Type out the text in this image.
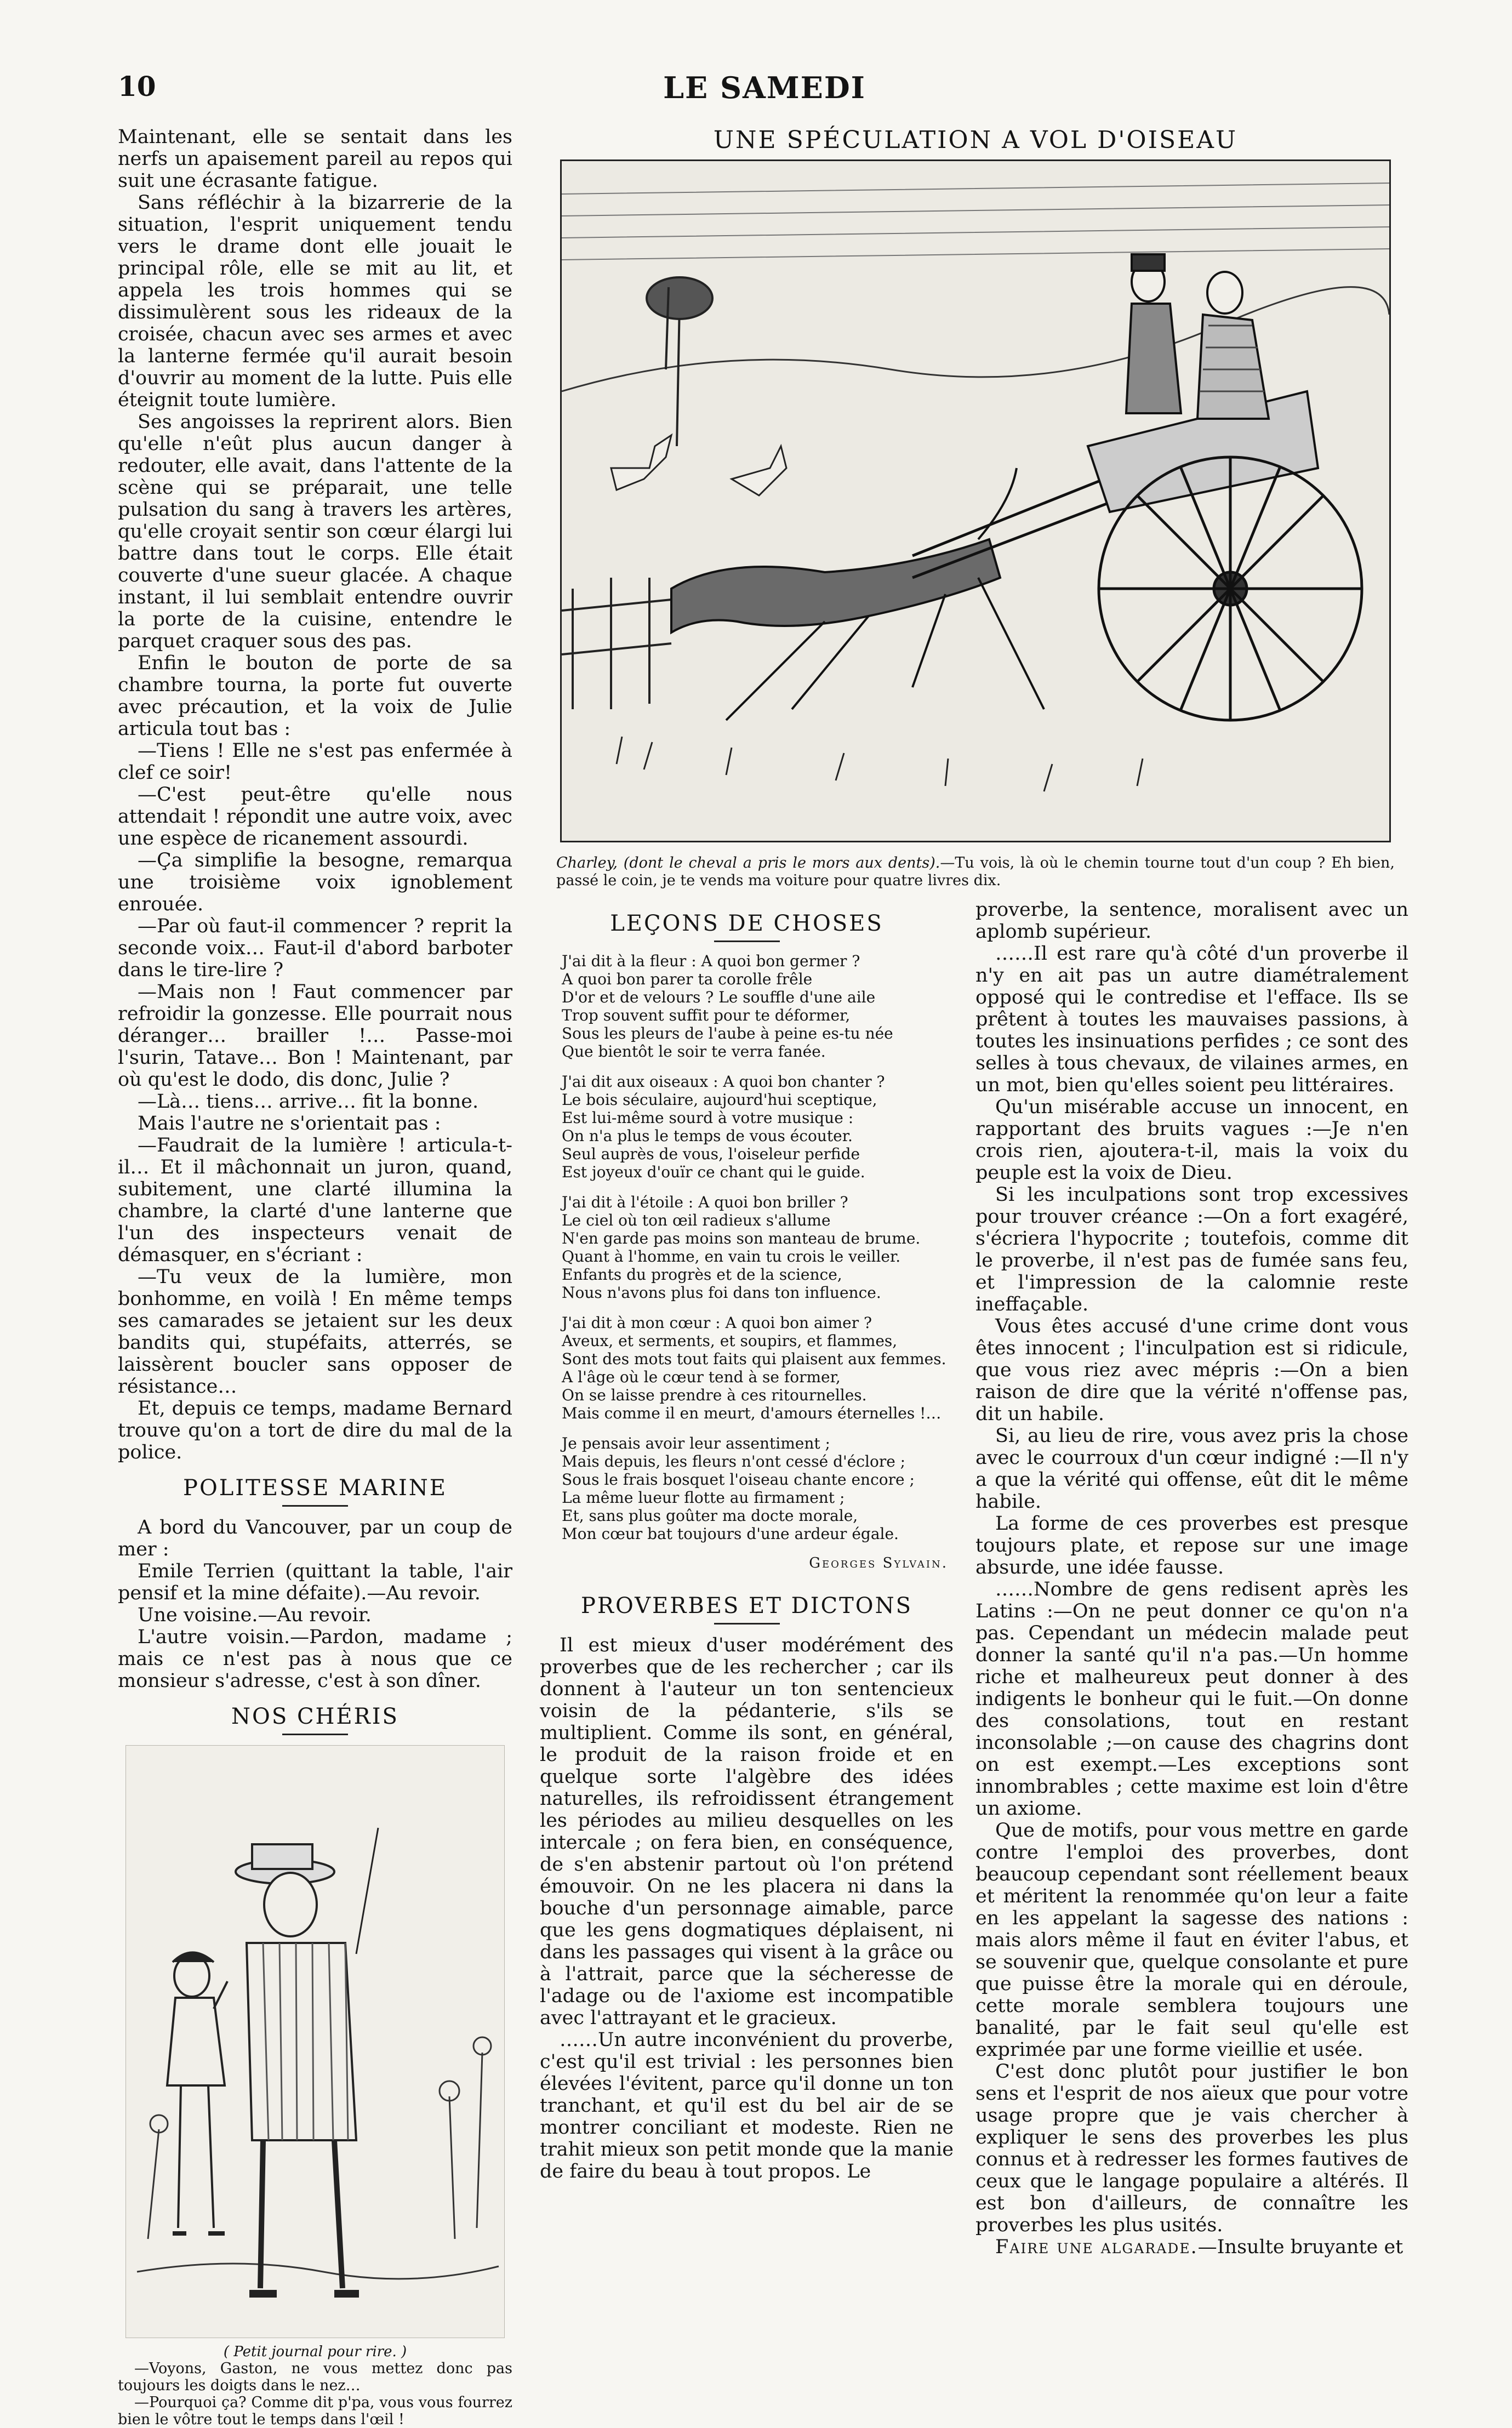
10	LE SAMEDI

Maintenant, elle se sentait dans les nerfs un apaisement pareil au repos qui suit une écrasante fatigue.

Sans réfléchir à la bizarrerie de la situation, l'esprit uniquement tendu vers le drame dont elle jouait le principal rôle, elle se mit au lit, et appela les trois hommes qui se dissimulèrent sous les rideaux de la croisée, chacun avec ses armes et avec la lanterne fermée qu'il aurait besoin d'ouvrir au moment de la lutte. Puis elle éteignit toute lumière.

Ses angoisses la reprirent alors. Bien qu'elle n'eût plus aucun danger à redouter, elle avait, dans l'attente de la scène qui se préparait, une telle pulsation du sang à travers les artères, qu'elle croyait sentir son cœur élargi lui battre dans tout le corps. Elle était couverte d'une sueur glacée. A chaque instant, il lui semblait entendre ouvrir la porte de la cuisine, entendre le parquet craquer sous des pas.

Enfin le bouton de porte de sa chambre tourna, la porte fut ouverte avec précaution, et la voix de Julie articula tout bas :

—Tiens ! Elle ne s'est pas enfermée à clef ce soir!

—C'est peut-être qu'elle nous attendait ! répondit une autre voix, avec une espèce de ricanement assourdi.

—Ça simplifie la besogne, remarqua une troisième voix ignoblement enrouée.

—Par où faut-il commencer ? reprit la seconde voix… Faut-il d'abord barboter dans le tire-lire ?

—Mais non ! Faut commencer par refroidir la gonzesse. Elle pourrait nous déranger… brailler !… Passe-moi l'surin, Tatave… Bon ! Maintenant, par où qu'est le dodo, dis donc, Julie ?

—Là… tiens… arrive… fit la bonne.

Mais l'autre ne s'orientait pas :

—Faudrait de la lumière ! articula-t-il… Et il mâchonnait un juron, quand, subitement, une clarté illumina la chambre, la clarté d'une lanterne que l'un des inspecteurs venait de démasquer, en s'écriant :

—Tu veux de la lumière, mon bonhomme, en voilà ! En même temps ses camarades se jetaient sur les deux bandits qui, stupéfaits, atterrés, se laissèrent boucler sans opposer de résistance…

Et, depuis ce temps, madame Bernard trouve qu'on a tort de dire du mal de la police.

POLITESSE MARINE

A bord du Vancouver, par un coup de mer :

Emile Terrien (quittant la table, l'air pensif et la mine défaite).—Au revoir.

Une voisine.—Au revoir.

L'autre voisin.—Pardon, madame ; mais ce n'est pas à nous que ce monsieur s'adresse, c'est à son dîner.

NOS CHÉRIS
( Petit journal pour rire. )

—Voyons, Gaston, ne vous mettez donc pas toujours les doigts dans le nez…

—Pourquoi ça? Comme dit p'pa, vous vous fourrez bien le vôtre tout le temps dans l'œil !

UNE SPÉCULATION A VOL D'OISEAU

Charley, (dont le cheval a pris le mors aux dents).—Tu vois, là où le chemin tourne tout d'un coup ? Eh bien, passé le coin, je te vends ma voiture pour quatre livres dix.

LEÇONS DE CHOSES
J'ai dit à la fleur : A quoi bon germer ?
A quoi bon parer ta corolle frêle
D'or et de velours ? Le souffle d'une aile
Trop souvent suffit pour te déformer,
Sous les pleurs de l'aube à peine es-tu née
Que bientôt le soir te verra fanée.
J'ai dit aux oiseaux : A quoi bon chanter ?
Le bois séculaire, aujourd'hui sceptique,
Est lui-même sourd à votre musique :
On n'a plus le temps de vous écouter.
Seul auprès de vous, l'oiseleur perfide
Est joyeux d'ouïr ce chant qui le guide.
J'ai dit à l'étoile : A quoi bon briller ?
Le ciel où ton œil radieux s'allume
N'en garde pas moins son manteau de brume.
Quant à l'homme, en vain tu crois le veiller.
Enfants du progrès et de la science,
Nous n'avons plus foi dans ton influence.
J'ai dit à mon cœur : A quoi bon aimer ?
Aveux, et serments, et soupirs, et flammes,
Sont des mots tout faits qui plaisent aux femmes.
A l'âge où le cœur tend à se former,
On se laisse prendre à ces ritournelles.
Mais comme il en meurt, d'amours éternelles !…
Je pensais avoir leur assentiment ;
Mais depuis, les fleurs n'ont cessé d'éclore ;
Sous le frais bosquet l'oiseau chante encore ;
La même lueur flotte au firmament ;
Et, sans plus goûter ma docte morale,
Mon cœur bat toujours d'une ardeur égale.
Georges Sylvain.
PROVERBES ET DICTONS

Il est mieux d'user modérément des proverbes que de les rechercher ; car ils donnent à l'auteur un ton sentencieux voisin de la pédanterie, s'ils se multiplient. Comme ils sont, en général, le produit de la raison froide et en quelque sorte l'algèbre des idées naturelles, ils refroidissent étrangement les périodes au milieu desquelles on les intercale ; on fera bien, en conséquence, de s'en abstenir partout où l'on prétend émouvoir. On ne les placera ni dans la bouche d'un personnage aimable, parce que les gens dogmatiques déplaisent, ni dans les passages qui visent à la grâce ou à l'attrait, parce que la sécheresse de l'adage ou de l'axiome est incompatible avec l'attrayant et le gracieux.

……Un autre inconvénient du proverbe, c'est qu'il est trivial : les personnes bien élevées l'évitent, parce qu'il donne un ton tranchant, et qu'il est du bel air de se montrer conciliant et modeste. Rien ne trahit mieux son petit monde que la manie de faire du beau à tout propos. Le

proverbe, la sentence, moralisent avec un aplomb supérieur.

……Il est rare qu'à côté d'un proverbe il n'y en ait pas un autre diamétralement opposé qui le contredise et l'efface. Ils se prêtent à toutes les mauvaises passions, à toutes les insinuations perfides ; ce sont des selles à tous chevaux, de vilaines armes, en un mot, bien qu'elles soient peu littéraires.

Qu'un misérable accuse un innocent, en rapportant des bruits vagues :—Je n'en crois rien, ajoutera-t-il, mais la voix du peuple est la voix de Dieu.

Si les inculpations sont trop excessives pour trouver créance :—On a fort exagéré, s'écriera l'hypocrite ; toutefois, comme dit le proverbe, il n'est pas de fumée sans feu, et l'impression de la calomnie reste ineffaçable.

Vous êtes accusé d'une crime dont vous êtes innocent ; l'inculpation est si ridicule, que vous riez avec mépris :—On a bien raison de dire que la vérité n'offense pas, dit un habile.

Si, au lieu de rire, vous avez pris la chose avec le courroux d'un cœur indigné :—Il n'y a que la vérité qui offense, eût dit le même habile.

La forme de ces proverbes est presque toujours plate, et repose sur une image absurde, une idée fausse.

……Nombre de gens redisent après les Latins :—On ne peut donner ce qu'on n'a pas. Cependant un médecin malade peut donner la santé qu'il n'a pas.—Un homme riche et malheureux peut donner à des indigents le bonheur qui le fuit.—On donne des consolations, tout en restant inconsolable ;—on cause des chagrins dont on est exempt.—Les exceptions sont innombrables ; cette maxime est loin d'être un axiome.

Que de motifs, pour vous mettre en garde contre l'emploi des proverbes, dont beaucoup cependant sont réellement beaux et méritent la renommée qu'on leur a faite en les appelant la sagesse des nations : mais alors même il faut en éviter l'abus, et se souvenir que, quelque consolante et pure que puisse être la morale qui en déroule, cette morale semblera toujours une banalité, par le fait seul qu'elle est exprimée par une forme vieillie et usée.

C'est donc plutôt pour justifier le bon sens et l'esprit de nos aïeux que pour votre usage propre que je vais chercher à expliquer le sens des proverbes les plus connus et à redresser les formes fautives de ceux que le langage populaire a altérés. Il est bon d'ailleurs, de connaître les proverbes les plus usités.

Faire une algarade.—Insulte bruyante et
